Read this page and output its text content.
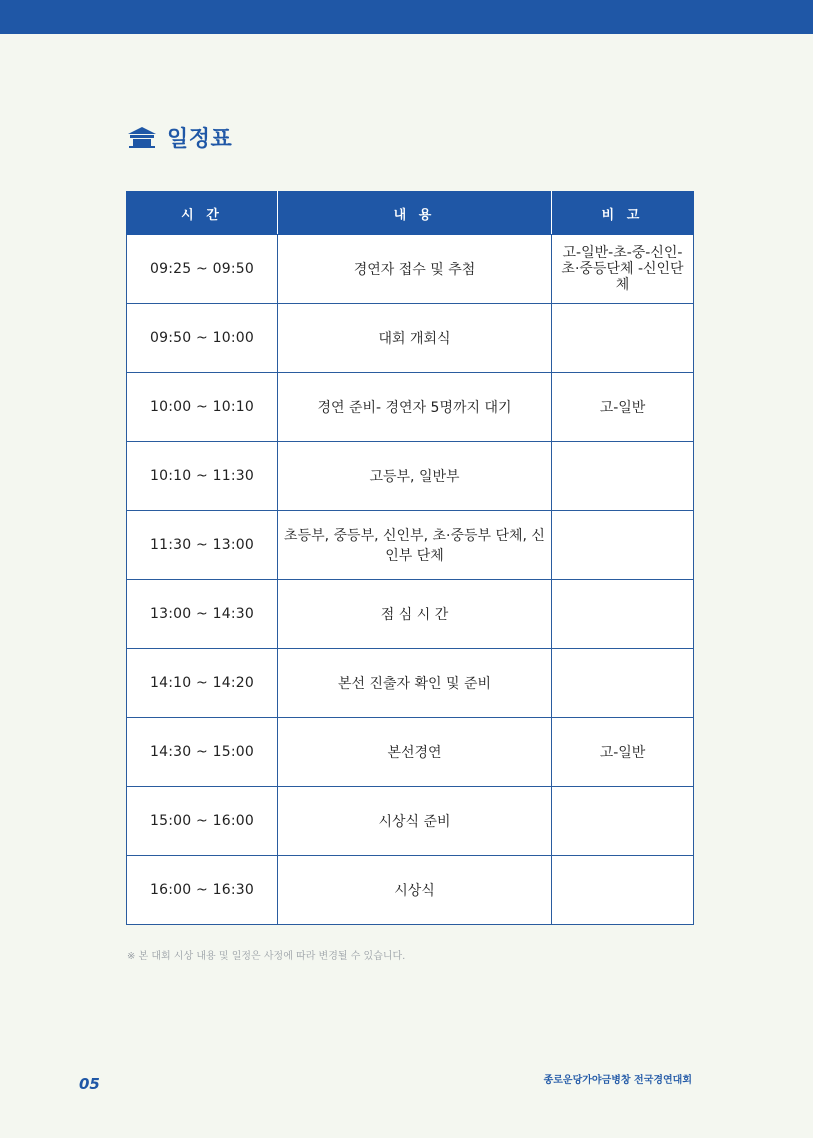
일정표
시 간	내 용	비 고
09:25 ~ 09:50	경연자 접수 및 추첨	고-일반-초-중-신인-
초·중등단체 -신인단체
09:50 ~ 10:00	대회 개회식	
10:00 ~ 10:10	경연 준비- 경연자 5명까지 대기	고-일반
10:10 ~ 11:30	고등부, 일반부	
11:30 ~ 13:00	초등부, 중등부, 신인부, 초·중등부 단체, 신인부 단체	
13:00 ~ 14:30	점 심 시 간	
14:10 ~ 14:20	본선 진출자 확인 및 준비	
14:30 ~ 15:00	본선경연	고-일반
15:00 ~ 16:00	시상식 준비	
16:00 ~ 16:30	시상식	
※ 본 대회 시상 내용 및 일정은 사정에 따라 변경될 수 있습니다.
05	종로운당가야금병창 전국경연대회
